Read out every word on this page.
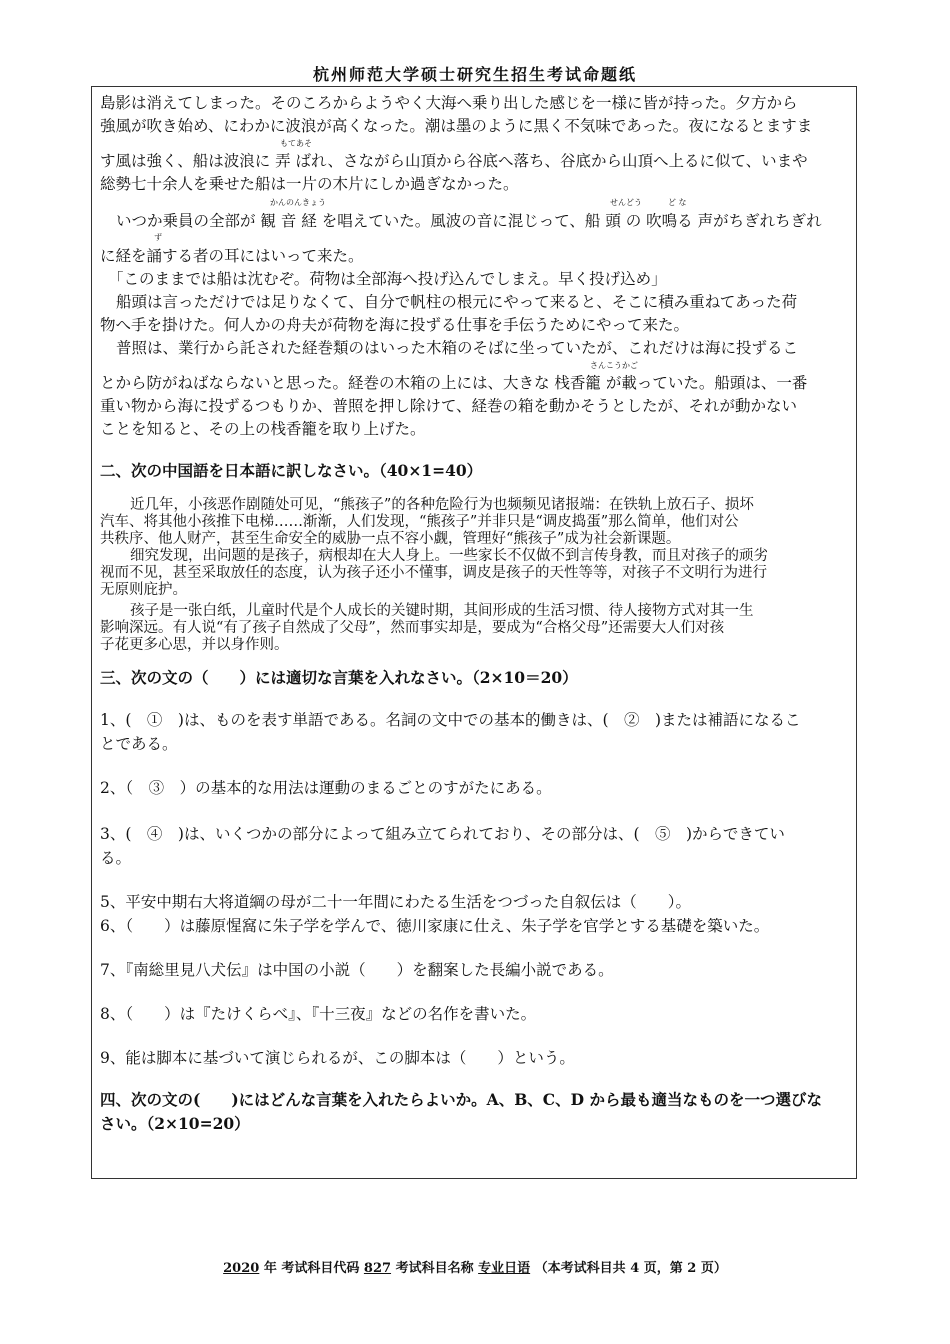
杭州师范大学硕士研究生招生考试命题纸

島影は消えてしまった。そのころからようやく大海へ乗り出した感じを一様に皆が持った。夕方から

強風が吹き始め、にわかに波浪が高くなった。潮は墨のように黒く不気味であった。夜になるとますま

もてあそ
す風は強く、船は波浪に 弄 ばれ、さながら山頂から谷底へ落ち、谷底から山頂へ上るに似て、いまや

総勢七十余人を乗せた船は一片の木片にしか過ぎなかった。

かんのんきょう	せんどう	ど な
いつか乗員の全部が 観 音 経 を唱えていた。風波の音に混じって、船 頭 の 吹鳴る 声がちぎれちぎれ
ず
に経を誦する者の耳にはいって来た。

「このままでは船は沈むぞ。荷物は全部海へ投げ込んでしまえ。早く投げ込め」

船頭は言っただけでは足りなくて、自分で帆柱の根元にやって来ると、そこに積み重ねてあった荷

物へ手を掛けた。何人かの舟夫が荷物を海に投ずる仕事を手伝うためにやって来た。

普照は、業行から託された経巻類のはいった木箱のそばに坐っていたが、これだけは海に投ずるこ

さんこうかご
とから防がねばならないと思った。経巻の木箱の上には、大きな 栈香籠 が載っていた。船頭は、一番

重い物から海に投ずるつもりか、普照を押し除けて、経巻の箱を動かそうとしたが、それが動かない

ことを知ると、その上の栈香籠を取り上げた。

二、次の中国語を日本語に訳しなさい。（40×1=40）

近几年，小孩恶作剧随处可见，“熊孩子”的各种危险行为也频频见诸报端：在铁轨上放石子、损坏

汽车、将其他小孩推下电梯……渐渐，人们发现，“熊孩子”并非只是“调皮捣蛋”那么简单，他们对公

共秩序、他人财产，甚至生命安全的威胁一点不容小觑，管理好“熊孩子”成为社会新课题。

细究发现，出问题的是孩子，病根却在大人身上。一些家长不仅做不到言传身教，而且对孩子的顽劣

视而不见，甚至采取放任的态度，认为孩子还小不懂事，调皮是孩子的天性等等，对孩子不文明行为进行

无原则庇护。

孩子是一张白纸，儿童时代是个人成长的关键时期，其间形成的生活习惯、待人接物方式对其一生

影响深远。有人说“有了孩子自然成了父母”，然而事实却是，要成为“合格父母”还需要大人们对孩

子花更多心思，并以身作则。

三、次の文の（　　）には適切な言葉を入れなさい。（2×10＝20）

1、(　①　)は、ものを表す単語である。名詞の文中での基本的働きは、(　②　)または補語になるこ

とである。

2、（　③　）の基本的な用法は運動のまるごとのすがたにある。

3、(　④　)は、いくつかの部分によって組み立てられており、その部分は、(　⑤　)からできてい

る。

5、平安中期右大将道綱の母が二十一年間にわたる生活をつづった自叙伝は（　　）。

6、（　　）は藤原惺窩に朱子学を学んで、徳川家康に仕え、朱子学を官学とする基礎を築いた。

7、『南総里見八犬伝』は中国の小説（　　）を翻案した長編小説である。

8、（　　）は『たけくらべ』、『十三夜』などの名作を書いた。

9、能は脚本に基づいて演じられるが、この脚本は（　　）という。

四、次の文の(　　)にはどんな言葉を入れたらよいか。A、B、C、D から最も適当なものを一つ選びな

さい。（2×10=20）

2020 年 考试科目代码 827 考试科目名称 专业日语 （本考试科目共 4 页，第 2 页）
